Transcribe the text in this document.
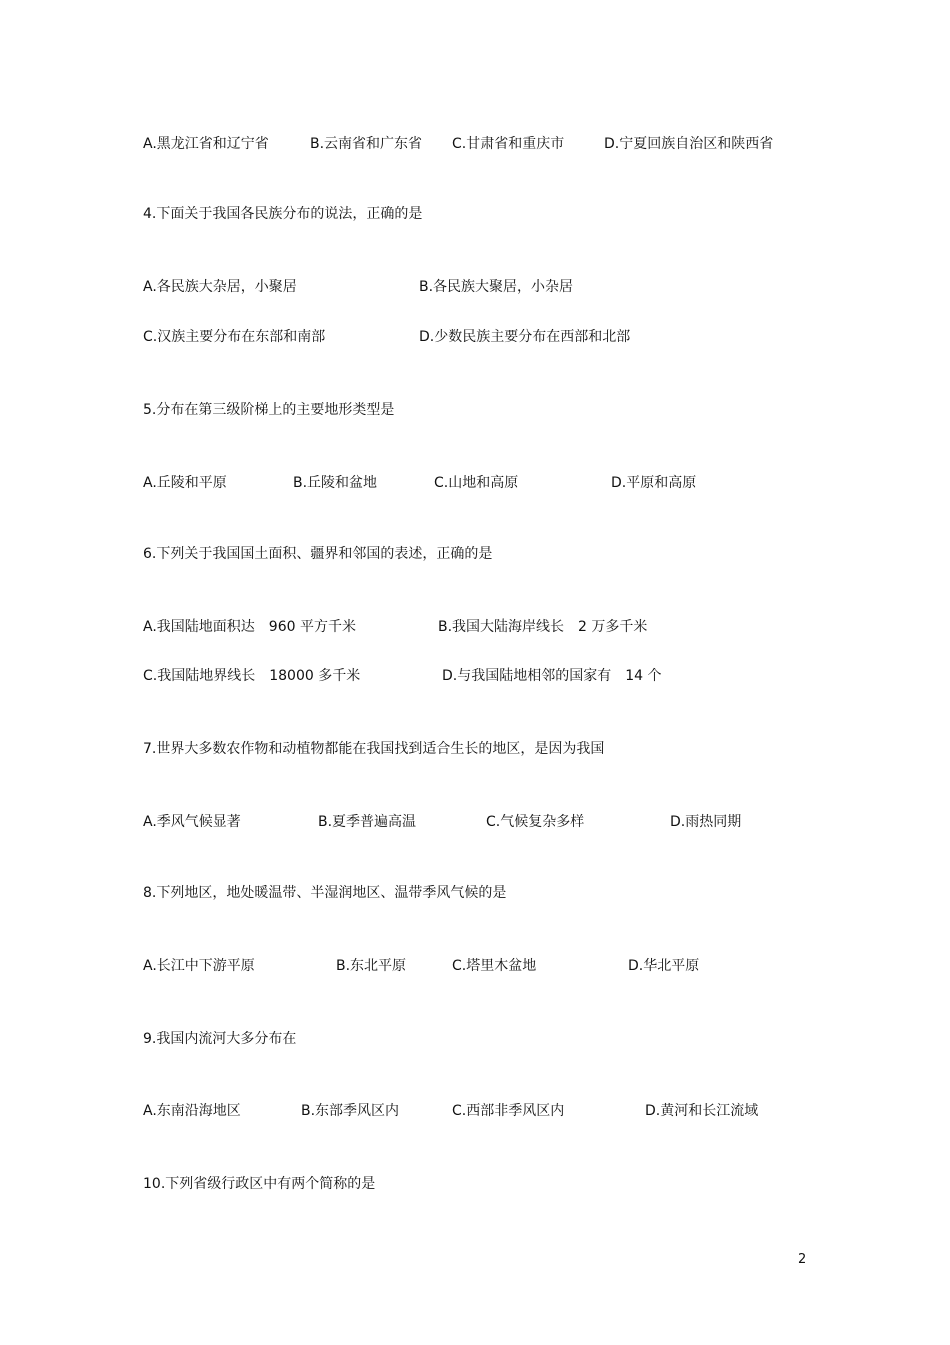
A.黑龙江省和辽宁省	B.云南省和广东省 C.甘肃省和重庆市	D.宁夏回族自治区和陕西省
4.下面关于我国各民族分布的说法，正确的是
A.各民族大杂居，小聚居	B.各民族大聚居，小杂居
C.汉族主要分布在东部和南部	D.少数民族主要分布在西部和北部
5.分布在第三级阶梯上的主要地形类型是
A.丘陵和平原	B.丘陵和盆地	C.山地和高原	D.平原和高原
6.下列关于我国国土面积、疆界和邻国的表述，正确的是
A.我国陆地面积达　960 平方千米	B.我国大陆海岸线长　2 万多千米
C.我国陆地界线长　18000 多千米	D.与我国陆地相邻的国家有　14 个
7.世界大多数农作物和动植物都能在我国找到适合生长的地区，是因为我国
A.季风气候显著	B.夏季普遍高温	C.气候复杂多样	D.雨热同期
8.下列地区，地处暖温带、半湿润地区、温带季风气候的是
A.长江中下游平原	B.东北平原	C.塔里木盆地	D.华北平原
9.我国内流河大多分布在
A.东南沿海地区	B.东部季风区内	C.西部非季风区内	D.黄河和长江流域
10.下列省级行政区中有两个简称的是
2
